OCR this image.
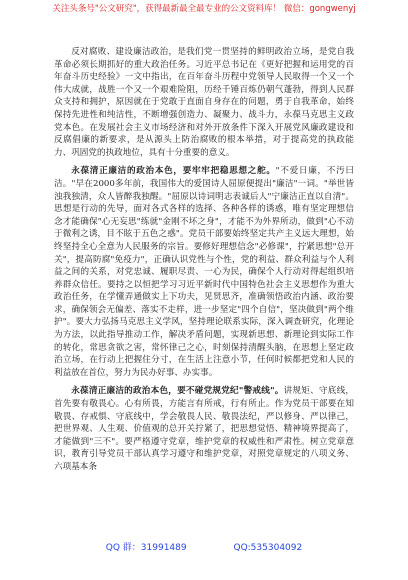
关注头条号"公文研究"，获得最新最全最专业的公文资料库！ 微信：gongwenyj

反对腐败、建设廉洁政治，是我们党一贯坚持的鲜明政治立场，是党自我革命必须长期抓好的重大政治任务。习近平总书记在《更好把握和运用党的百年奋斗历史经验》一文中指出，在百年奋斗历程中党领导人民取得一个又一个伟大成就，战胜一个又一个艰难险阻，历经千锤百炼仍朝气蓬勃，得到人民群众支持和拥护，原因就在于党敢于直面自身存在的问题，勇于自我革命，始终保持先进性和纯洁性，不断增强创造力、凝聚力、战斗力，永葆马克思主义政党本色。在发展社会主义市场经济和对外开放条件下深入开展党风廉政建设和反腐倡廉的新要求，是从源头上防治腐败的根本举措，对于提高党的执政能力、巩固党的执政地位，具有十分重要的意义。

永葆清正廉洁的政治本色，要牢牢把稳思想之舵。"不爱日廉，不汚曰洁。"早在2000多年前，我国伟大的爱国诗人屈原便提出"廉洁"一词。"举世皆浊我独清，众人皆醉我独醒。"屈原以诗词明志表诚后人"宁廉洁正直以自清"。思想是行动的先导，面对各式各样的选择、各种各样的诱惑，唯有坚定理想信念才能确保"心无妄思"练就"金刚不坏之身"，才能不为外界所动，做到"心不动于微利之诱，目不眩于五色之惑"。党员干部要始终坚定共产主义远大理想，始终坚持全心全意为人民服务的宗旨。要修好理想信念"必修课"，拧紧思想"总开关"，提高防腐"免疫力"，正确认识党性与个性，党的利益、群众利益与个人利益之间的关系，对党忠诚、履职尽责、一心为民，确保个人行动对得起组织培养群众信任。要持之以恒把学习习近平新时代中国特色社会主义思想作为重大政治任务，在学懂弄通做实上下功夫，见贤思齐，准确领悟政治内涵、政治要求，确保领会无偏差、落实不走样，进一步坚定"四个自信"，坚决做到"两个维护"。要大力弘扬马克思主义学风，坚持理论联系实际，深入调查研究，化理论为方法，以此指导推动工作，解决矛盾问题，实现新思想、新理论到实际工作的转化，常思贪欲之害，常怀律己之心，时刻保持清醒头脑，在思想上坚定政治立场，在行动上把握住分寸，在生活上注意小节，任何时候都把党和人民的利益放在首位，努力为民办好事、办实事。

永葆清正廉洁的政治本色，要不碰党规党纪"警戒线"。讲规矩、守底线，首先要有敬畏心。心有所畏，方能言有所戒，行有所止。作为党员干部要在知敬畏、存戒惧、守底线中，学会敬畏人民、敬畏法纪，严以修身、严以律己，把世界观、人生观、价值观的总开关拧紧了，把思想觉悟、精神境界提高了，才能做到"三不"。要严格遵守党章，维护党章的权威性和严肃性。树立党章意识，教育引导党员干部认真学习遵守和维护党章，对照党章规定的八项义务、六项基本条

QQ 群：31991489	QQ:535304092
